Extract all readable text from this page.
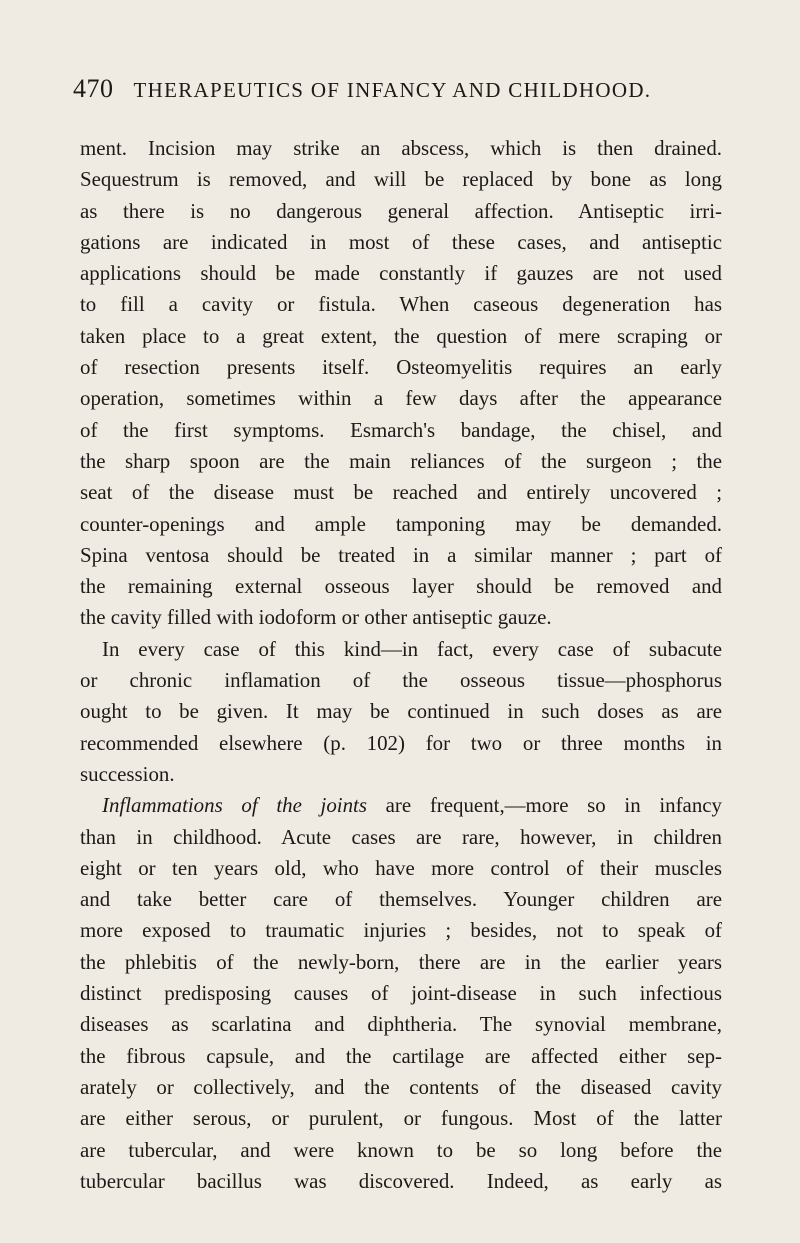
470 THERAPEUTICS OF INFANCY AND CHILDHOOD.
ment. Incision may strike an abscess, which is then drained.
Sequestrum is removed, and will be replaced by bone as long
as there is no dangerous general affection. Antiseptic irri-
gations are indicated in most of these cases, and antiseptic
applications should be made constantly if gauzes are not used
to fill a cavity or fistula. When caseous degeneration has
taken place to a great extent, the question of mere scraping or
of resection presents itself. Osteomyelitis requires an early
operation, sometimes within a few days after the appearance
of the first symptoms. Esmarch's bandage, the chisel, and
the sharp spoon are the main reliances of the surgeon ; the
seat of the disease must be reached and entirely uncovered ;
counter-openings and ample tamponing may be demanded.
Spina ventosa should be treated in a similar manner ; part of
the remaining external osseous layer should be removed and
the cavity filled with iodoform or other antiseptic gauze.
In every case of this kind—in fact, every case of subacute
or chronic inflamation of the osseous tissue—phosphorus
ought to be given. It may be continued in such doses as are
recommended elsewhere (p. 102) for two or three months in
succession.
Inflammations of the joints are frequent,—more so in infancy
than in childhood. Acute cases are rare, however, in children
eight or ten years old, who have more control of their muscles
and take better care of themselves. Younger children are
more exposed to traumatic injuries ; besides, not to speak of
the phlebitis of the newly-born, there are in the earlier years
distinct predisposing causes of joint-disease in such infectious
diseases as scarlatina and diphtheria. The synovial membrane,
the fibrous capsule, and the cartilage are affected either sep-
arately or collectively, and the contents of the diseased cavity
are either serous, or purulent, or fungous. Most of the latter
are tubercular, and were known to be so long before the
tubercular bacillus was discovered. Indeed, as early as
